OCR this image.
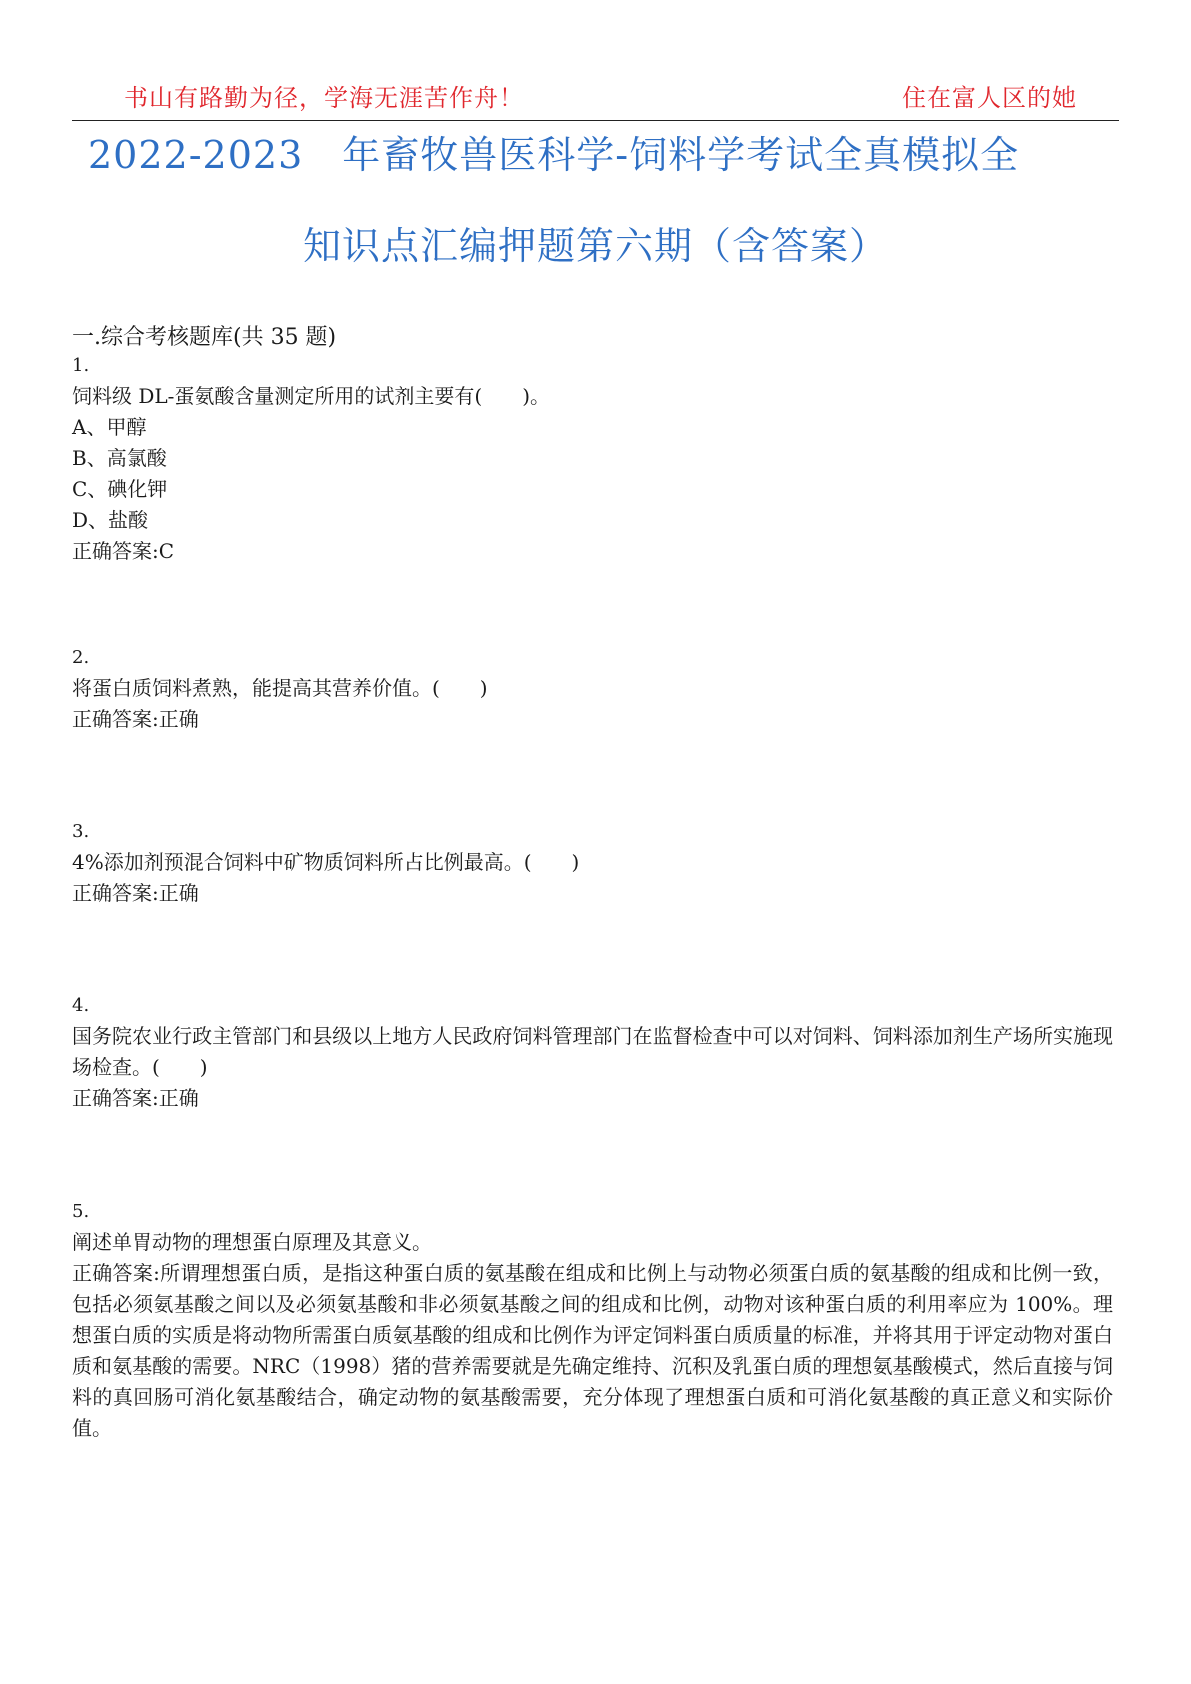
书山有路勤为径，学海无涯苦作舟！	住在富人区的她
2022-2023　年畜牧兽医科学-饲料学考试全真模拟全
知识点汇编押题第六期（含答案）
一.综合考核题库(共 35 题)
1.
饲料级 DL-蛋氨酸含量测定所用的试剂主要有(　　)。
A、甲醇
B、高氯酸
C、碘化钾
D、盐酸
正确答案:C
2.
将蛋白质饲料煮熟，能提高其营养价值。(　　)
正确答案:正确
3.
4%添加剂预混合饲料中矿物质饲料所占比例最高。(　　)
正确答案:正确
4.
国务院农业行政主管部门和县级以上地方人民政府饲料管理部门在监督检查中可以对饲料、饲料添加剂生产场所实施现场检查。(　　)
正确答案:正确
5.
阐述单胃动物的理想蛋白原理及其意义。
正确答案:所谓理想蛋白质，是指这种蛋白质的氨基酸在组成和比例上与动物必须蛋白质的氨基酸的组成和比例一致，包括必须氨基酸之间以及必须氨基酸和非必须氨基酸之间的组成和比例，动物对该种蛋白质的利用率应为 100%。理想蛋白质的实质是将动物所需蛋白质氨基酸的组成和比例作为评定饲料蛋白质质量的标准，并将其用于评定动物对蛋白质和氨基酸的需要。NRC（1998）猪的营养需要就是先确定维持、沉积及乳蛋白质的理想氨基酸模式，然后直接与饲料的真回肠可消化氨基酸结合，确定动物的氨基酸需要，充分体现了理想蛋白质和可消化氨基酸的真正意义和实际价值。
